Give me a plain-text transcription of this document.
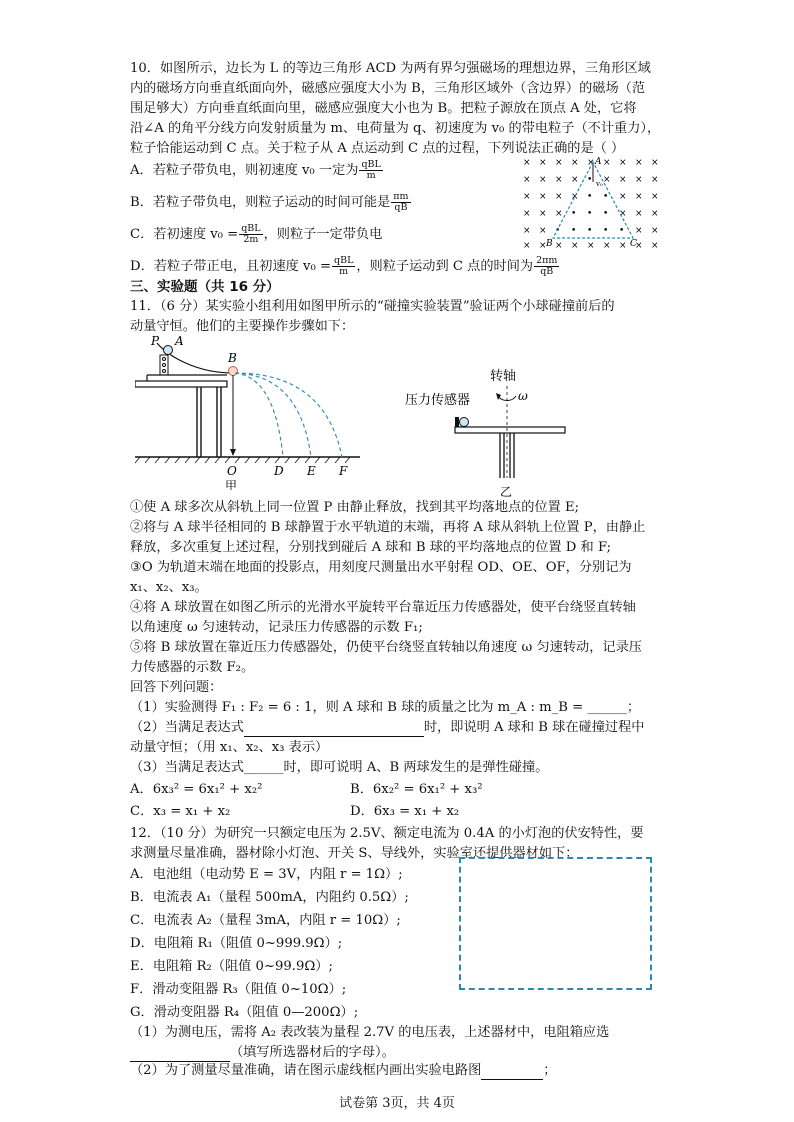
10．如图所示，边长为 L 的等边三角形 ACD 为两有界匀强磁场的理想边界，三角形区域
内的磁场方向垂直纸面向外，磁感应强度大小为 B，三角形区域外（含边界）的磁场（范
围足够大）方向垂直纸面向里，磁感应强度大小也为 B。把粒子源放在顶点 A 处，它将
沿∠A 的角平分线方向发射质量为 m、电荷量为 q、初速度为 v₀ 的带电粒子（不计重力），
粒子恰能运动到 C 点。关于粒子从 A 点运动到 C 点的过程，下列说法正确的是（ ）
A．若粒子带负电，则初速度 v₀ 一定为 $\frac{\text{qBL}}{m}$
B．若粒子带负电，则粒子运动的时间可能是 $\frac{\pi m}{qB}$
C．若初速度 $v_0 = \frac{\text{qBL}}{2m}$ ，则粒子一定带负电
D．若粒子带正电，且初速度 $v_0 = \frac{\text{qBL}}{m}$ ，则粒子运动到 C 点的时间为 $\frac{2\pi m}{qB}$
× × × × × × × × ×
× × × × • × × × ×
× × × × • • × × ×
× × × • • • × × ×
× × • • • • • × ×
× × × × × × × × ×
v₀
A
B	C
三、实验题（共 16 分）
11．（6 分）某实验小组利用如图甲所示的“碰撞实验装置”验证两个小球碰撞前后的
动量守恒。他们的主要操作步骤如下：
P A
B
O	D E F
甲
转轴
ω
压力传感器
乙
①使 A 球多次从斜轨上同一位置 P 由静止释放，找到其平均落地点的位置 E;
②将与 A 球半径相同的 B 球静置于水平轨道的末端，再将 A 球从斜轨上位置 P，由静止
释放，多次重复上述过程，分别找到碰后 A 球和 B 球的平均落地点的位置 D 和 F;
③O 为轨道末端在地面的投影点，用刻度尺测量出水平射程 OD、OE、OF，分别记为
x₁、x₂、x₃。
④将 A 球放置在如图乙所示的光滑水平旋转平台靠近压力传感器处，使平台绕竖直转轴
以角速度 ω 匀速转动，记录压力传感器的示数 F₁;
⑤将 B 球放置在靠近压力传感器处，仍使平台绕竖直转轴以角速度 ω 匀速转动，记录压
力传感器的示数 F₂。
回答下列问题：
（1）实验测得 F₁ : F₂ = 6 : 1，则 A 球和 B 球的质量之比为 m_A : m_B = ______；
（2）当满足表达式	时，即说明 A 球和 B 球在碰撞过程中
动量守恒；（用 x₁、x₂、x₃ 表示）
（3）当满足表达式______时，即可说明 A、B 两球发生的是弹性碰撞。
A．6x₃² = 6x₁² + x₂²	B．6x₂² = 6x₁² + x₃²
C．x₃ = x₁ + x₂	D．6x₃ = x₁ + x₂
12．（10 分）为研究一只额定电压为 2.5V、额定电流为 0.4A 的小灯泡的伏安特性，要
求测量尽量准确，器材除小灯泡、开关 S、导线外，实验室还提供器材如下：
A．电池组（电动势 E = 3V，内阻 r = 1Ω）;
B．电流表 A₁（量程 500mA，内阻约 0.5Ω）;
C．电流表 A₂（量程 3mA，内阻 r = 10Ω）;
D．电阻箱 R₁（阻值 0~999.9Ω）;
E．电阻箱 R₂（阻值 0~99.9Ω）;
F．滑动变阻器 R₃（阻值 0~10Ω）;
G．滑动变阻器 R₄（阻值 0—200Ω）;
（1）为测电压，需将 A₂ 表改装为量程 2.7V 的电压表，上述器材中，电阻箱应选
（填写所选器材后的字母）。
（2）为了测量尽量准确，请在图示虚线框内画出实验电路图	；
试卷第 3页，共 4页
